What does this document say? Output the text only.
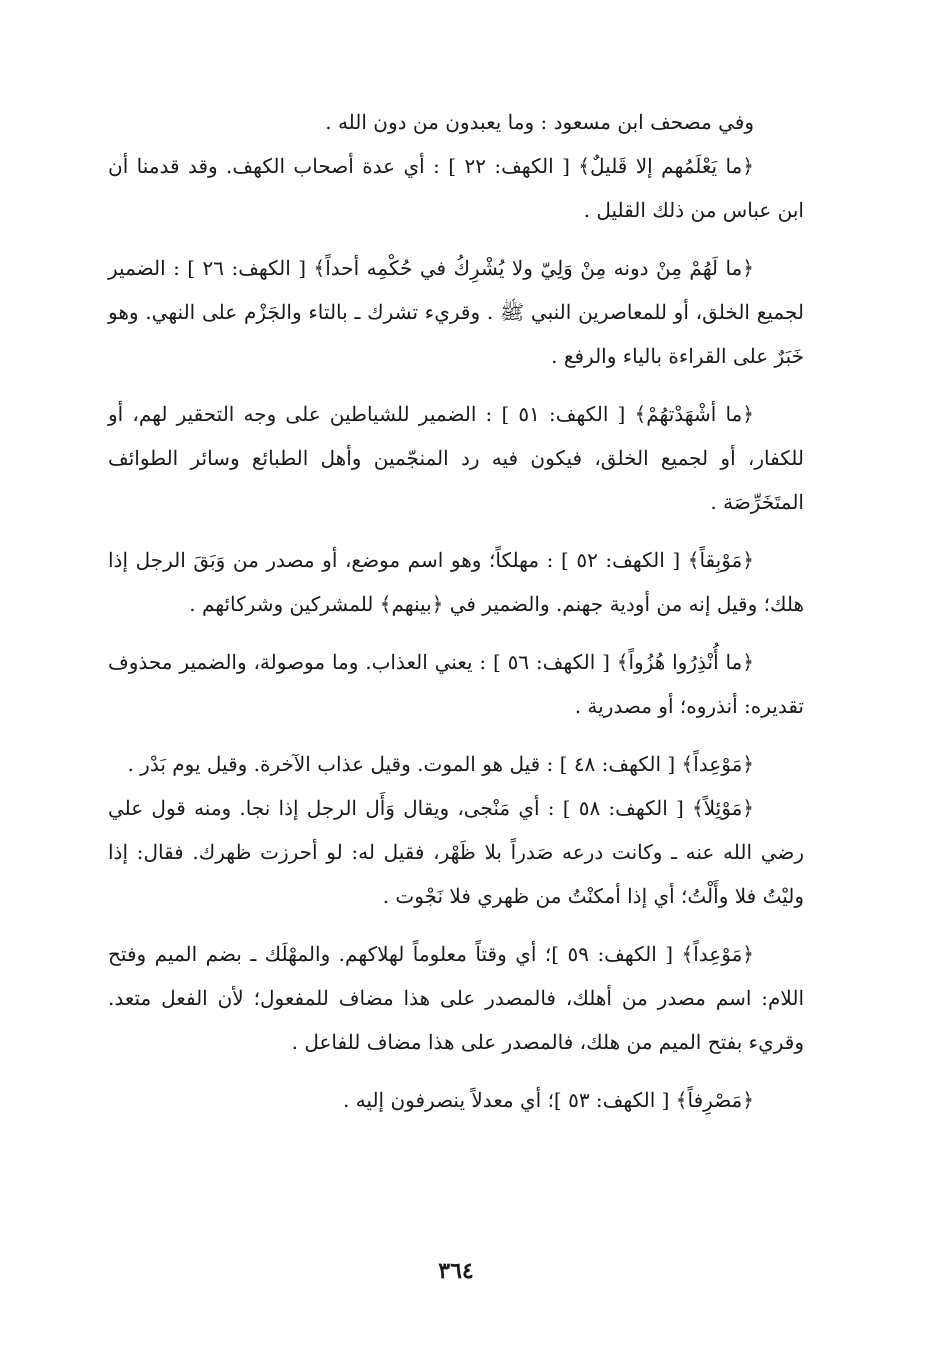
وفي مصحف ابن مسعود : وما يعبدون من دون الله .

﴿ما يَعْلَمُهم إلا قَليلٌ﴾ [ الكهف: ٢٢ ] : أي عدة أصحاب الكهف. وقد قدمنا أن ابن عباس من ذلك القليل .

﴿ما لَهُمْ مِنْ دونه مِنْ وَلِيّ ولا يُشْرِكُ في حُكْمِه أحداً﴾ [ الكهف: ٢٦ ] : الضمير لجميع الخلق، أو للمعاصرين النبي ﷺ . وقريء تشرك ـ بالتاء والجَزْم على النهي. وهو خَبَرٌ على القراءة بالياء والرفع .

﴿ما أشْهَدْتهُمْ﴾ [ الكهف: ٥١ ] : الضمير للشياطين على وجه التحقير لهم، أو للكفار، أو لجميع الخلق، فيكون فيه رد المنجّمين وأهل الطبائع وسائر الطوائف المتَخَرِّصَة .

﴿مَوْبِقاً﴾ [ الكهف: ٥٢ ] : مهلكاً؛ وهو اسم موضع، أو مصدر من وَبَقَ الرجل إذا هلك؛ وقيل إنه من أودية جهنم. والضمير في ﴿بينهم﴾ للمشركين وشركائهم .

﴿ما أُنْذِرُوا هُزُواً﴾ [ الكهف: ٥٦ ] : يعني العذاب. وما موصولة، والضمير محذوف تقديره: أنذروه؛ أو مصدرية .

﴿مَوْعِداً﴾ [ الكهف: ٤٨ ] : قيل هو الموت. وقيل عذاب الآخرة. وقيل يوم بَدْر .

﴿مَوْئِلاً﴾ [ الكهف: ٥٨ ] : أي مَنْجى، ويقال وَأَل الرجل إذا نجا. ومنه قول علي رضي الله عنه ـ وكانت درعه صَدراً بلا ظَهْر، فقيل له: لو أحرزت ظهرك. فقال: إذا وليْتُ فلا وأَلْتُ؛ أي إذا أمكنْتُ من ظهري فلا نَجْوت .

﴿مَوْعِداً﴾ [ الكهف: ٥٩ ]؛ أي وقتاً معلوماً لهلاكهم. والمهْلَك ـ بضم الميم وفتح اللام: اسم مصدر من أهلك، فالمصدر على هذا مضاف للمفعول؛ لأن الفعل متعد. وقريء بفتح الميم من هلك، فالمصدر على هذا مضاف للفاعل .

﴿مَصْرِفاً﴾ [ الكهف: ٥٣ ]؛ أي معدلاً ينصرفون إليه .

٣٦٤
